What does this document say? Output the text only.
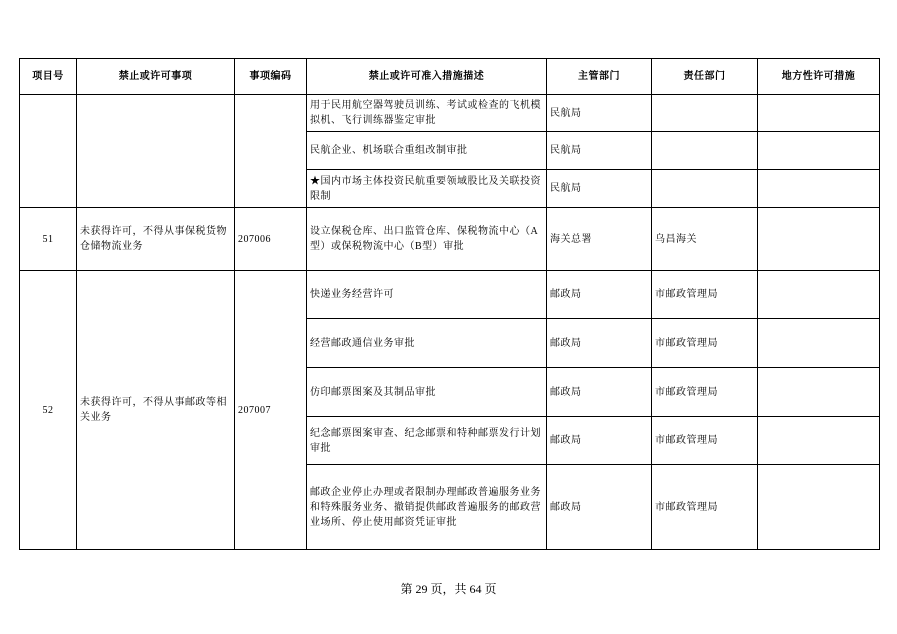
项目号	禁止或许可事项	事项编码	禁止或许可准入措施描述	主管部门	责任部门	地方性许可措施
			用于民用航空器驾驶员训练、考试或检查的飞机模拟机、飞行训练器鉴定审批	民航局		
			民航企业、机场联合重组改制审批	民航局		
			★国内市场主体投资民航重要领域股比及关联投资限制	民航局		
51	未获得许可，不得从事保税货物仓储物流业务	207006	设立保税仓库、出口监管仓库、保税物流中心（A型）或保税物流中心（B型）审批	海关总署	乌昌海关	
52	未获得许可，不得从事邮政等相关业务	207007	快递业务经营许可	邮政局	市邮政管理局	
			经营邮政通信业务审批	邮政局	市邮政管理局	
			仿印邮票图案及其制品审批	邮政局	市邮政管理局	
			纪念邮票图案审查、纪念邮票和特种邮票发行计划审批	邮政局	市邮政管理局	
			邮政企业停止办理或者限制办理邮政普遍服务业务和特殊服务业务、撤销提供邮政普遍服务的邮政营业场所、停止使用邮资凭证审批	邮政局	市邮政管理局	
第 29 页，共 64 页
